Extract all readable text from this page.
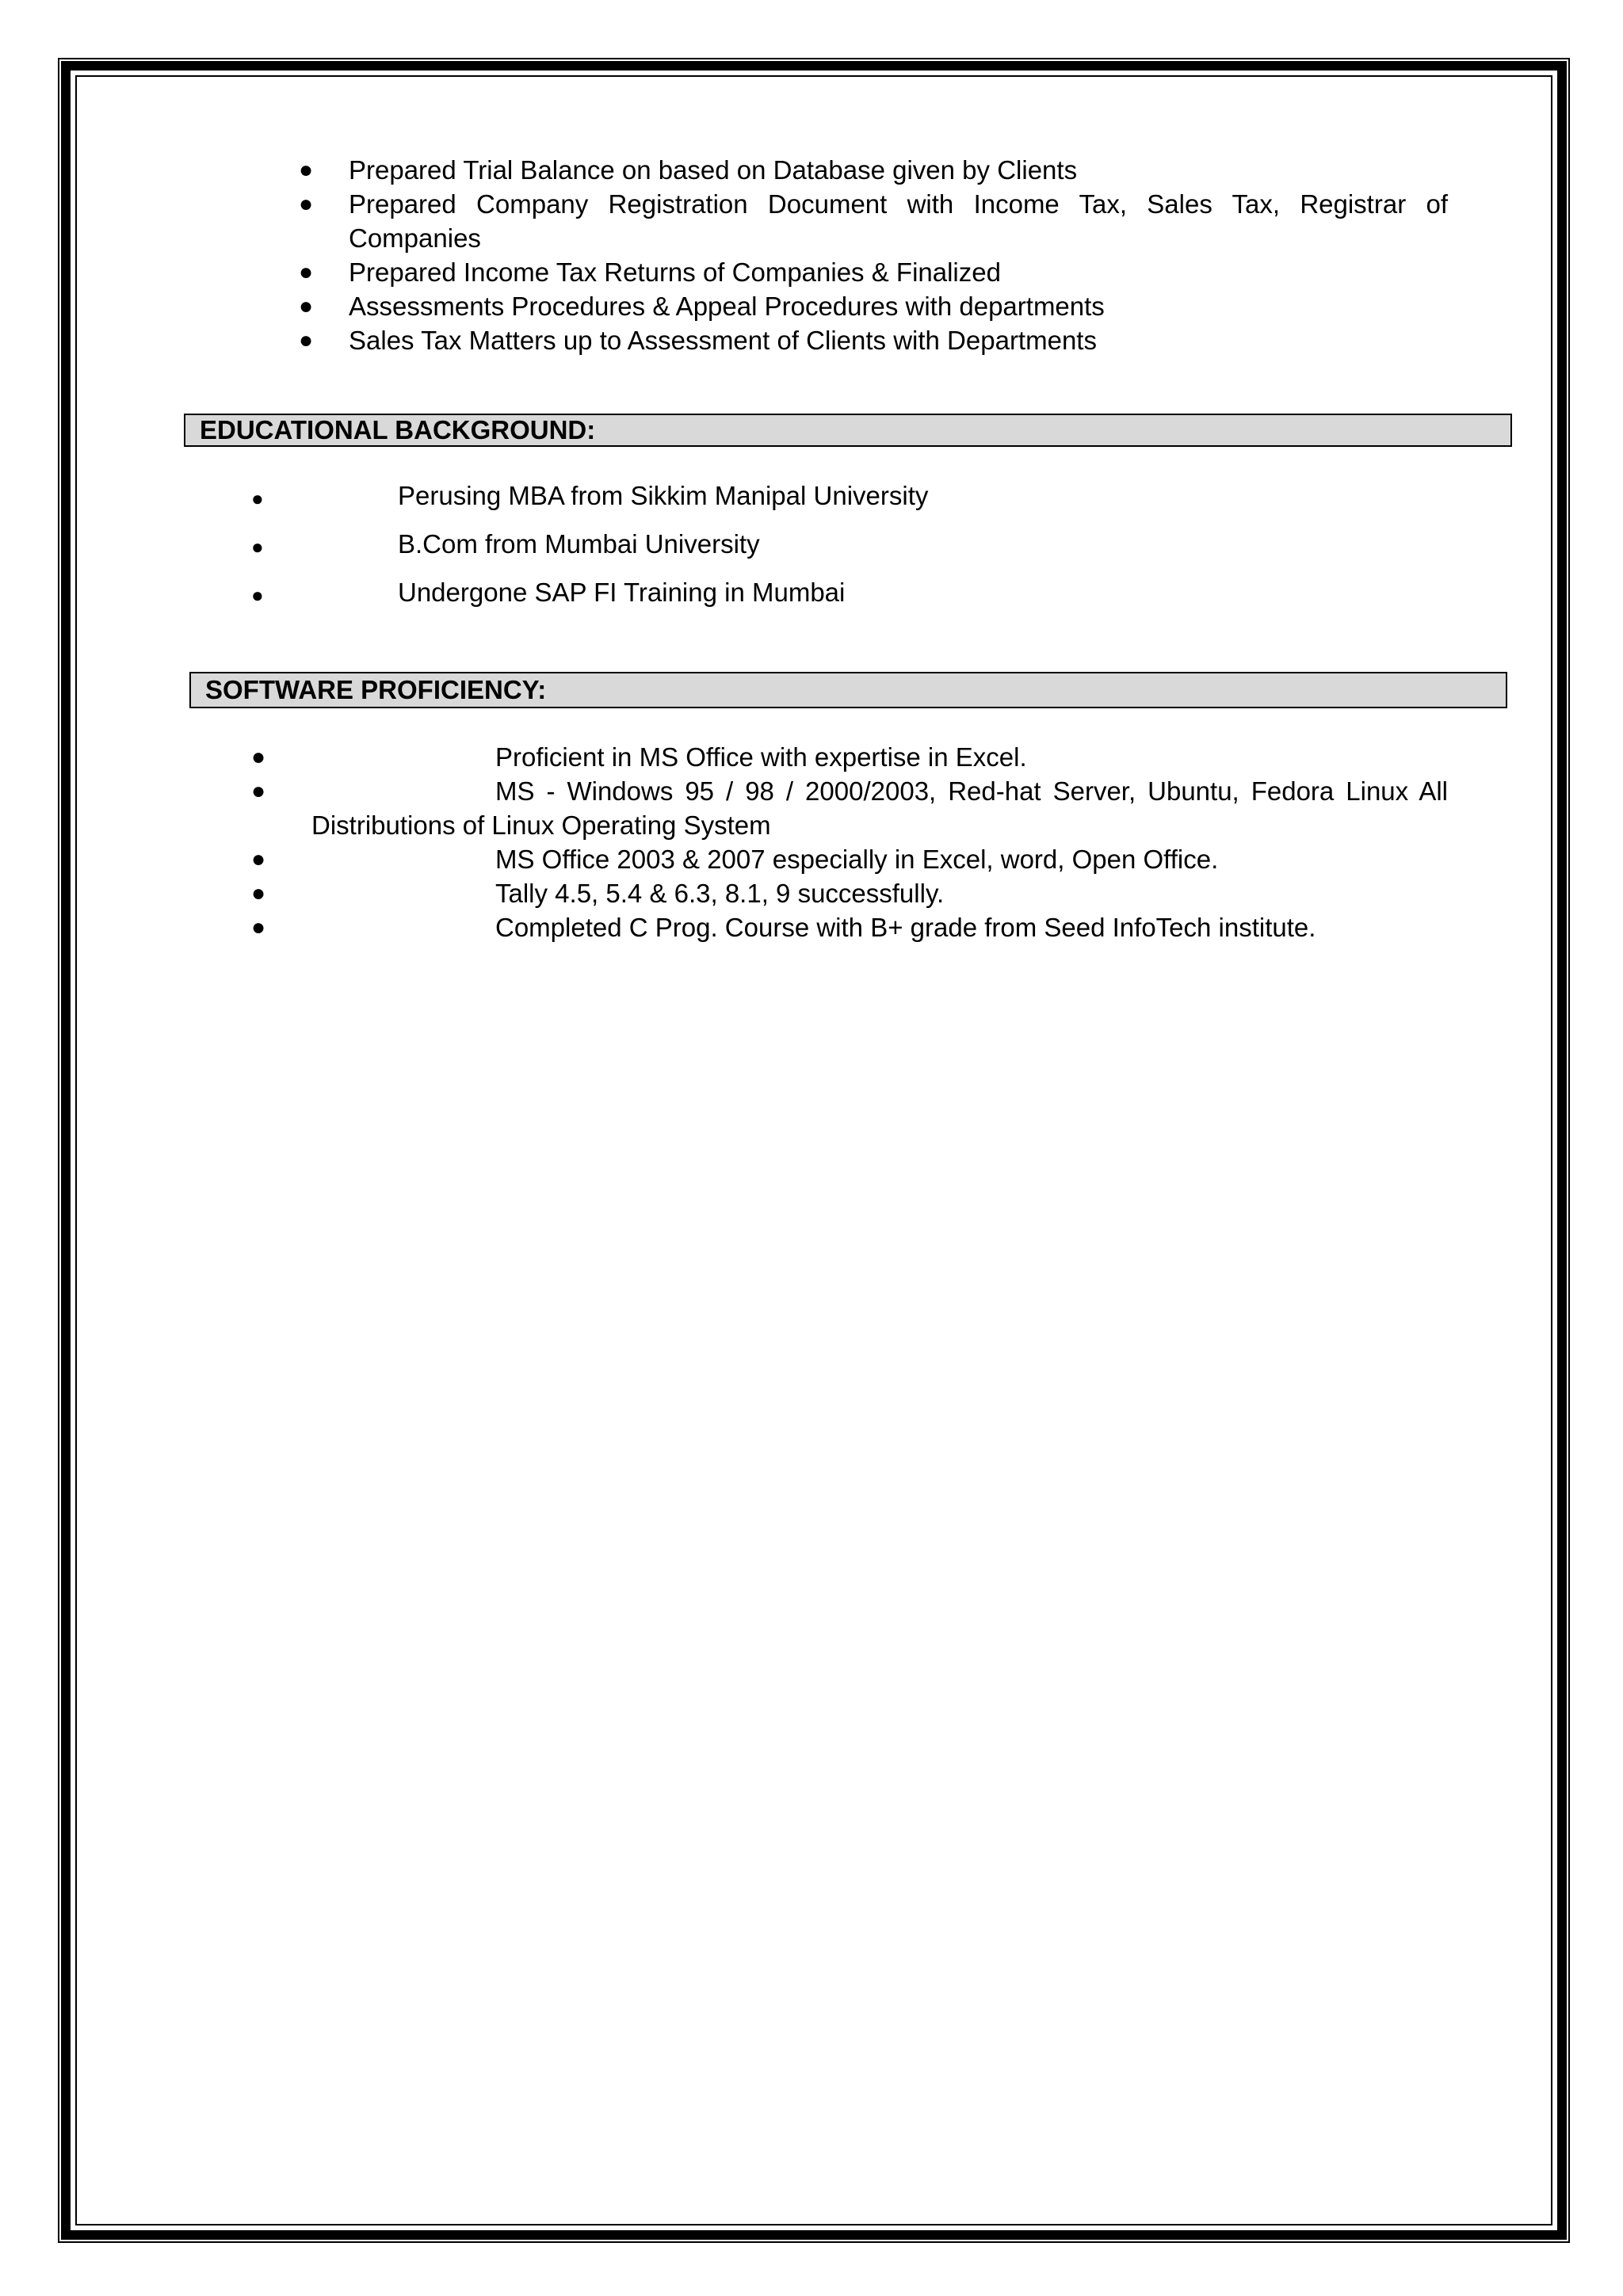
● Prepared Trial Balance on based on Database given by Clients
● Prepared Company Registration Document with Income Tax, Sales Tax, Registrar of Companies
● Prepared Income Tax Returns of Companies & Finalized
● Assessments Procedures & Appeal Procedures with departments
● Sales Tax Matters up to Assessment of Clients with Departments
EDUCATIONAL BACKGROUND:
●	Perusing MBA from Sikkim Manipal University
●	B.Com from Mumbai University
●	Undergone SAP FI Training in Mumbai
SOFTWARE PROFICIENCY:
●	Proficient in MS Office with expertise in Excel.
●	MS - Windows 95 / 98 / 2000/2003, Red-hat Server, Ubuntu, Fedora Linux All
Distributions of Linux Operating System
●	MS Office 2003 & 2007 especially in Excel, word, Open Office.
●	Tally 4.5, 5.4 & 6.3, 8.1, 9 successfully.
●	Completed C Prog. Course with B+ grade from Seed InfoTech institute.
